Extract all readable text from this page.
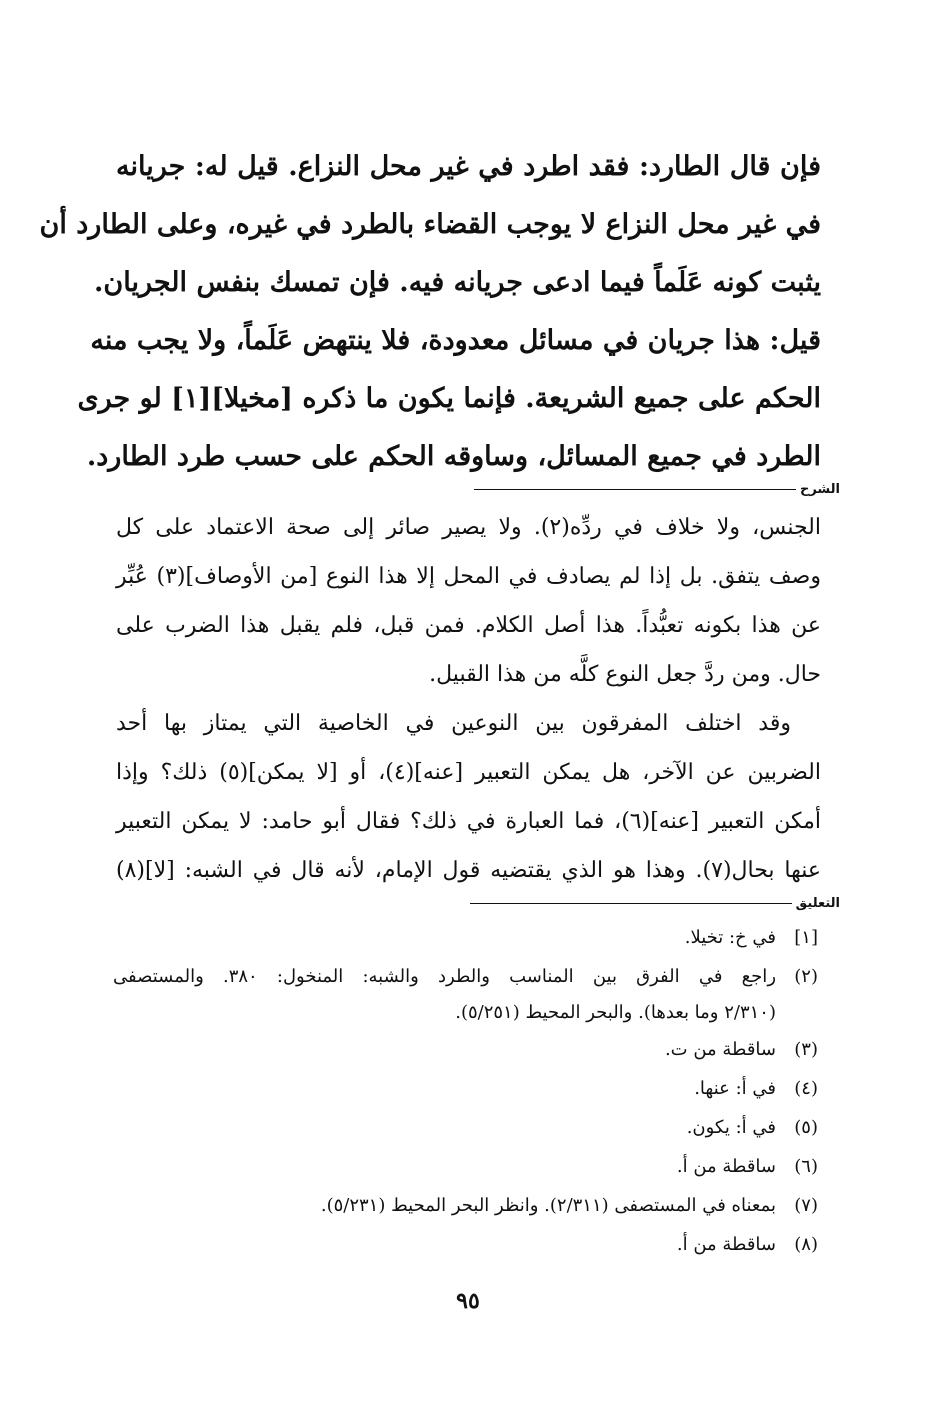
فإن قال الطارد: فقد اطرد في غير محل النزاع. قيل له: جريانه
في غير محل النزاع لا يوجب القضاء بالطرد في غيره، وعلى الطارد أن
يثبت كونه عَلَماً فيما ادعى جريانه فيه. فإن تمسك بنفس الجريان.
قيل: هذا جريان في مسائل معدودة، فلا ينتهض عَلَماً، ولا يجب منه
الحكم على جميع الشريعة. فإنما يكون ما ذكره [مخيلا][١] لو جرى
الطرد في جميع المسائل، وساوقه الحكم على حسب طرد الطارد.
الشرح
الجنس، ولا خلاف في ردِّه(٢). ولا يصير صائر إلى صحة الاعتماد على كل
وصف يتفق. بل إذا لم يصادف في المحل إلا هذا النوع [من الأوصاف](٣) عُبِّر
عن هذا بكونه تعبُّداً. هذا أصل الكلام. فمن قبل، فلم يقبل هذا الضرب على
حال. ومن ردَّ جعل النوع كلَّه من هذا القبيل.
وقد اختلف المفرقون بين النوعين في الخاصية التي يمتاز بها أحد
الضربين عن الآخر، هل يمكن التعبير [عنه](٤)، أو [لا يمكن](٥) ذلك؟ وإذا
أمكن التعبير [عنه](٦)، فما العبارة في ذلك؟ فقال أبو حامد: لا يمكن التعبير
عنها بحال(٧). وهذا هو الذي يقتضيه قول الإمام، لأنه قال في الشبه: [لا](٨)
التعليق
[١]
في خ: تخيلا.
(٢)
راجع في الفرق بين المناسب والطرد والشبه: المنخول: ٣٨٠. والمستصفى
(٢/٣١٠ وما بعدها). والبحر المحيط (٥/٢٥١).
(٣)
ساقطة من ت.
(٤)
في أ: عنها.
(٥)
في أ: يكون.
(٦)
ساقطة من أ.
(٧)
بمعناه في المستصفى (٢/٣١١). وانظر البحر المحيط (٥/٢٣١).
(٨)
ساقطة من أ.
٩٥
